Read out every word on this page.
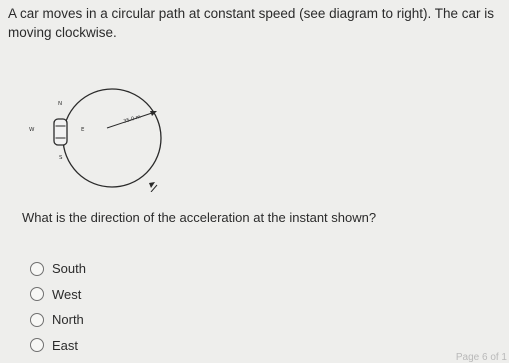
A car moves in a circular path at constant speed (see diagram to right). The car is
moving clockwise.
N
W	E
S
35.0 m
What is the direction of the acceleration at the instant shown?
South
West
North
East
Page 6 of 1
